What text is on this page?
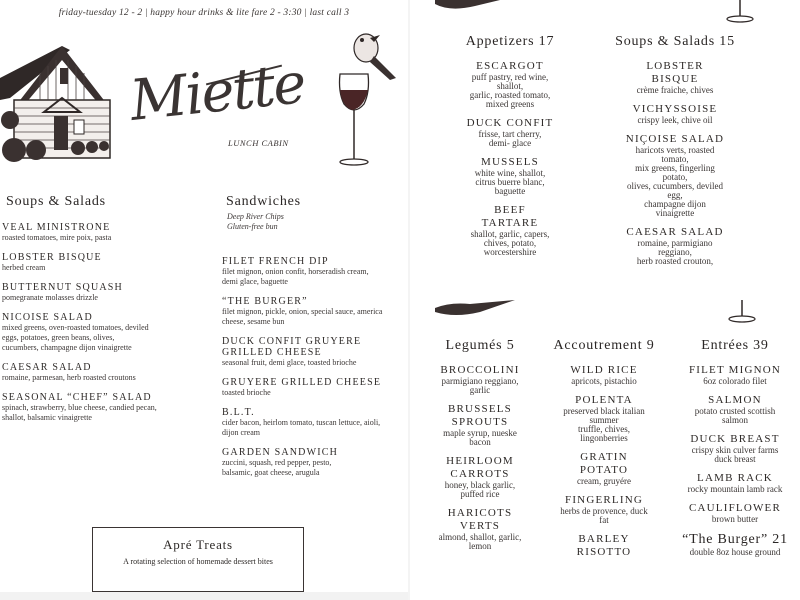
friday-tuesday 12 - 2 | happy hour drinks & lite fare 2 - 3:30 | last call 3
Miette
LUNCH CABIN
Soups & Salads
VEAL MINISTRONE
roasted tomatoes, mire poix, pasta
LOBSTER BISQUE
herbed cream
BUTTERNUT SQUASH
pomegranate molasses drizzle
NICOISE SALAD
mixed greens, oven-roasted tomatoes, deviled eggs, potatoes, green beans, olives, cucumbers, champagne dijon vinaigrette
CAESAR SALAD
romaine, parmesan, herb roasted croutons
SEASONAL “CHEF” SALAD
spinach, strawberry, blue cheese, candied pecan, shallot, balsamic vinaigrette
Sandwiches
Deep River Chips
Gluten-free bun
FILET FRENCH DIP
filet mignon, onion confit, horseradish cream,
demi glace, baguette
“THE BURGER”
filet mignon, pickle, onion, special sauce, america
cheese, sesame bun
DUCK CONFIT GRUYERE
GRILLED CHEESE
seasonal fruit, demi glace, toasted brioche
GRUYERE GRILLED CHEESE
toasted brioche
B.L.T.
cider bacon, heirlom tomato, tuscan lettuce, aioli,
dijon cream
GARDEN SANDWICH
zuccini, squash, red pepper, pesto,
balsamic, goat cheese, arugula
Apré Treats
A rotating selection of homemade dessert bites
Appetizers 17
ESCARGOT
puff pastry, red wine,
shallot,
garlic, roasted tomato,
mixed greens
DUCK CONFIT
frisse, tart cherry,
demi- glace
MUSSELS
white wine, shallot,
citrus buerre blanc,
baguette
BEEF TARTARE
shallot, garlic, capers,
chives, potato,
worcestershire
Soups & Salads 15
LOBSTER BISQUE
crème fraiche, chives
VICHYSSOISE
crispy leek, chive oil
NIÇOISE SALAD
haricots verts, roasted
tomato,
mix greens, fingerling
potato,
olives, cucumbers, deviled
egg,
champagne dijon
vinaigrette
CAESAR SALAD
romaine, parmigiano
reggiano,
herb roasted crouton,
Legumés 5
BROCCOLINI
parmigiano reggiano,
garlic
BRUSSELS SPROUTS
maple syrup, nueske
bacon
HEIRLOOM CARROTS
honey, black garlic,
puffed rice
HARICOTS VERTS
almond, shallot, garlic,
lemon
Accoutrement 9
WILD RICE
apricots, pistachio
POLENTA
preserved black italian
summer
truffle, chives,
lingonberries
GRATIN POTATO
cream, gruyére
FINGERLING
herbs de provence, duck
fat
BARLEY RISOTTO
Entrées 39
FILET MIGNON
6oz colorado filet
SALMON
potato crusted scottish
salmon
DUCK BREAST
crispy skin culver farms
duck breast
LAMB RACK
rocky mountain lamb rack
CAULIFLOWER
brown butter
“The Burger” 21
double 8oz house ground
